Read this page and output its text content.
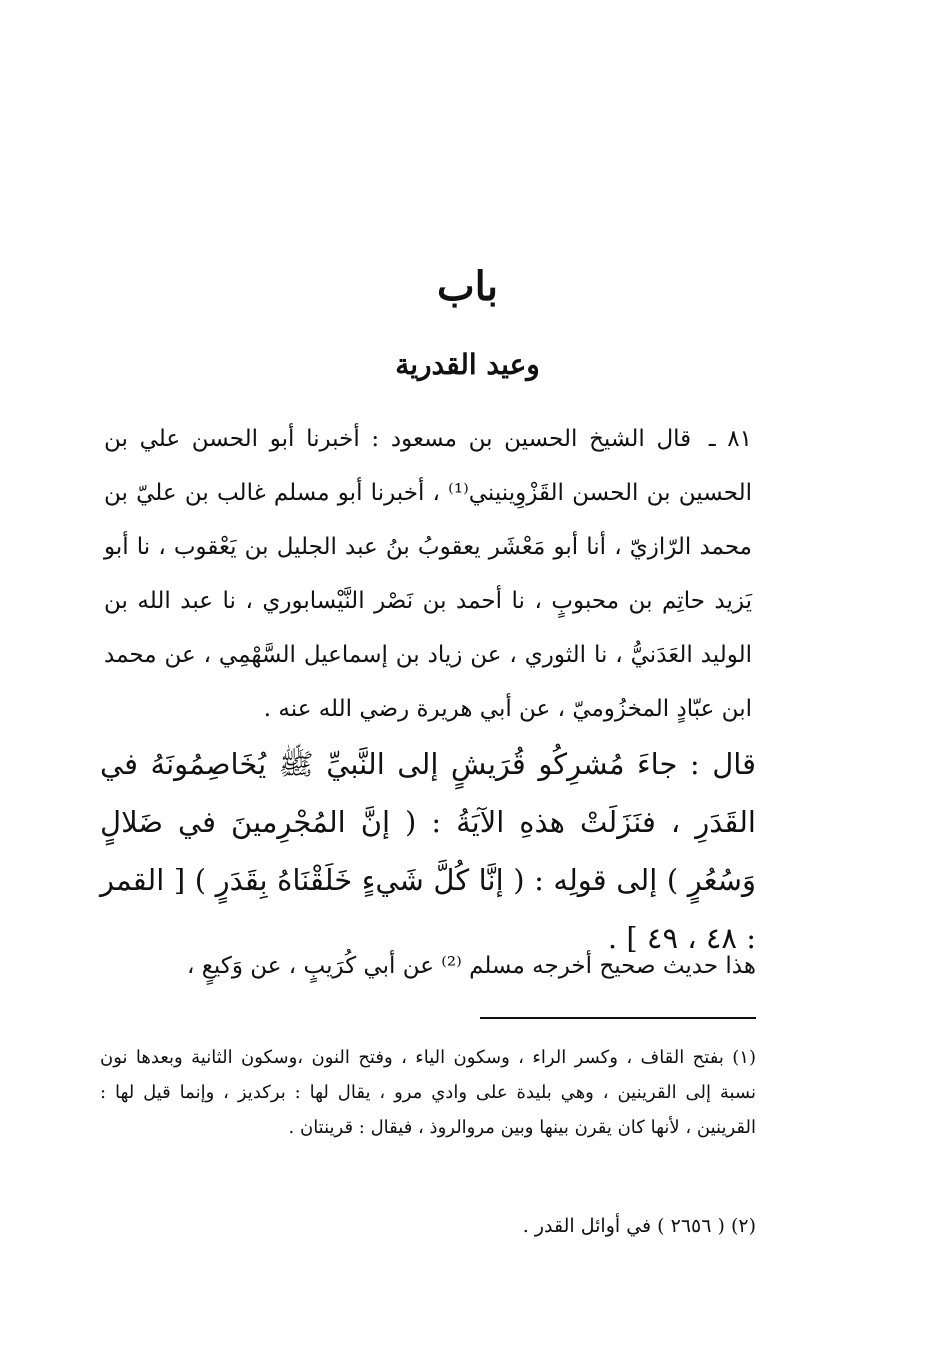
باب
وعيد القدرية

٨١ ـ قال الشيخ الحسين بن مسعود : أخبرنا أبو الحسن علي بن الحسين بن الحسن القَزْوِينيني⁽¹⁾ ، أخبرنا أبو مسلم غالب بن عليّ بن محمد الرّازيّ ، أنا أبو مَعْشَر يعقوبُ بنُ عبد الجليل بن يَعْقوب ، نا أبو يَزيد حاتِم بن محبوبٍ ، نا أحمد بن نَصْر النَّيْسابوري ، نا عبد الله بن الوليد العَدَنيُّ ، نا الثوري ، عن زياد بن إسماعيل السَّهْمِي ، عن محمد ابن عبّادٍ المخزُوميّ ، عن أبي هريرة رضي الله عنه .

قال : جاءَ مُشرِكُو قُرَيشٍ إلى النَّبيِّ ﷺ يُخَاصِمُونَهُ في القَدَرِ ، فنَزَلَتْ هذهِ الآيَةُ : ( إنَّ المُجْرِمينَ في ضَلالٍ وَسُعُرٍ ) إلى قولِه : ( إنَّا كُلَّ شَيءٍ خَلَقْنَاهُ بِقَدَرٍ ) [ القمر : ٤٨ ، ٤٩ ] .

هذا حديث صحيح أخرجه مسلم ⁽²⁾ عن أبي كُرَيبٍ ، عن وَكيعٍ ،

(١) بفتح القاف ، وكسر الراء ، وسكون الياء ، وفتح النون ،وسكون الثانية وبعدها نون نسبة إلى القرينين ، وهي بليدة على وادي مرو ، يقال لها : بركديز ، وإنما قيل لها : القرينين ، لأنها كان يقرن بينها وبين مروالروذ ، فيقال : قرينتان .

(٢) ( ٢٦٥٦ ) في أوائل القدر .
